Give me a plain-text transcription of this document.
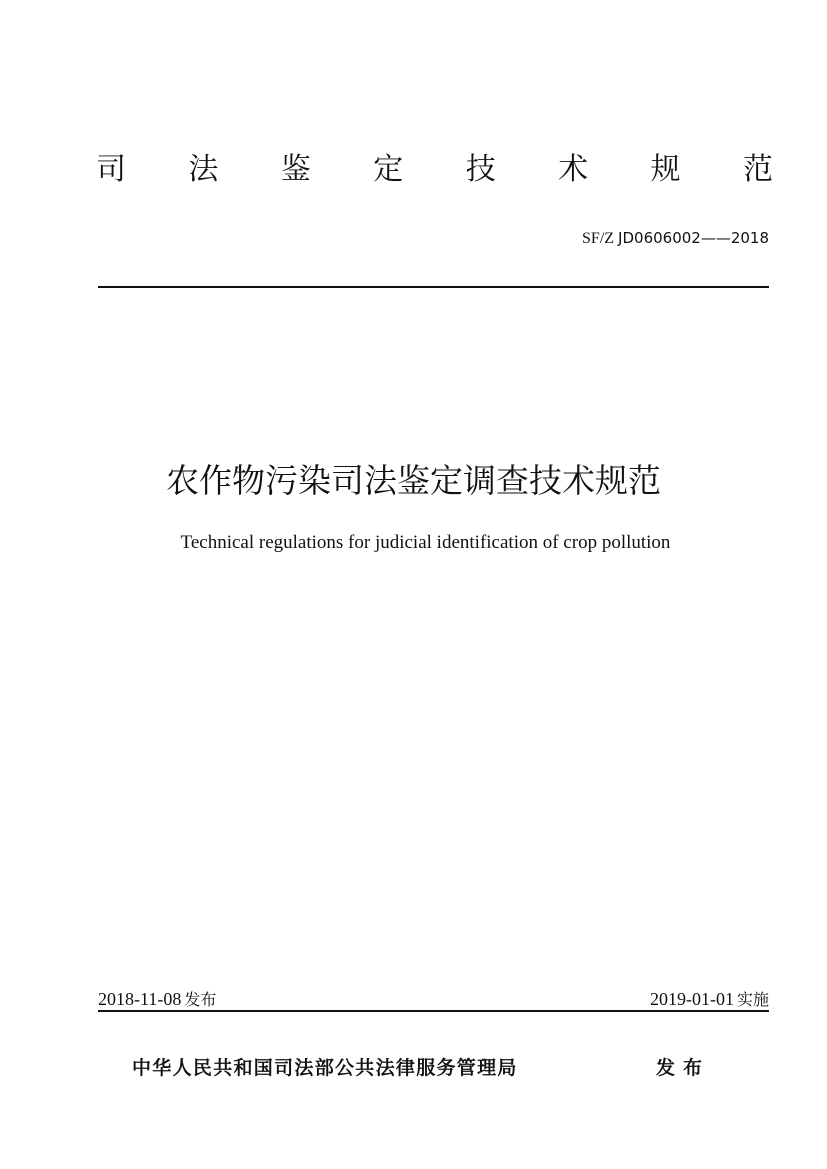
司 法 鉴 定 技 术 规 范
SF/Z JD0606002——2018
农作物污染司法鉴定调查技术规范
Technical regulations for judicial identification of crop pollution
2018-11-08 发布	2019-01-01 实施
中华人民共和国司法部公共法律服务管理局	发布
